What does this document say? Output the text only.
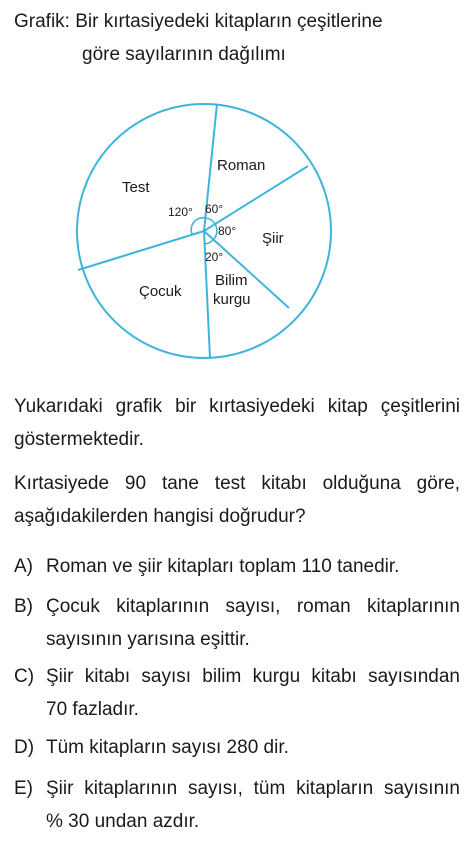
Grafik: Bir kırtasiyedeki kitapların çeşitlerine
göre sayılarının dağılımı
Roman
Şiir
Test
Çocuk
Bilim
kurgu
120° 60°
80°
20°
Yukarıdaki grafik bir kırtasiyedeki kitap çeşitlerini
göstermektedir.
Kırtasiyede 90 tane test kitabı olduğuna göre,
aşağıdakilerden hangisi doğrudur?
A) Roman ve şiir kitapları toplam 110 tanedir.
B) Çocuk kitaplarının sayısı, roman kitaplarının
sayısının yarısına eşittir.
C) Şiir kitabı sayısı bilim kurgu kitabı sayısından
70 fazladır.
D) Tüm kitapların sayısı 280 dir.
E) Şiir kitaplarının sayısı, tüm kitapların sayısının
% 30 undan azdır.
